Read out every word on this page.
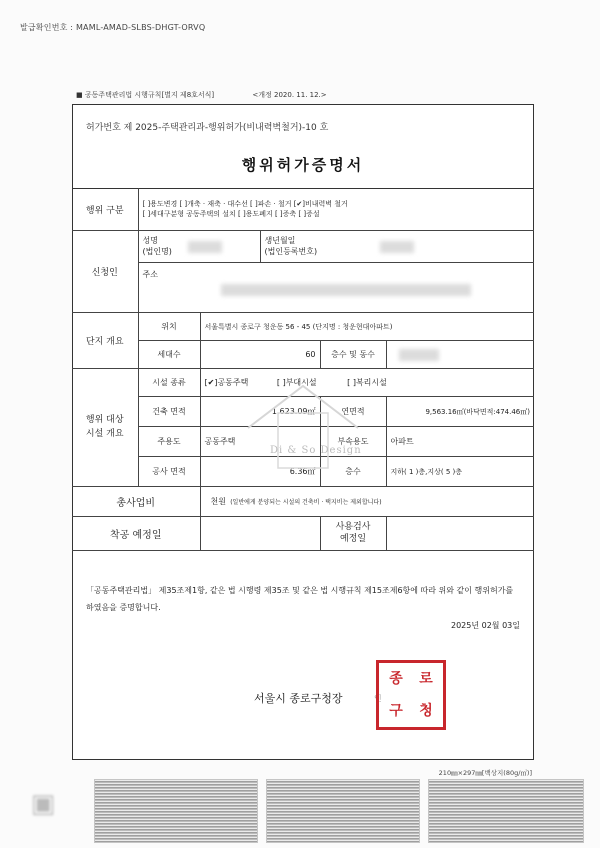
발급확인번호 : MAML-AMAD-SLBS-DHGT-ORVQ
■ 공동주택관리법 시행규칙[별지 제8호서식]	<개정 2020. 11. 12.>
허가번호 제 2025-주택관리과-행위허가(비내력벽철거)-10 호
행위허가증명서
행위 구분	[ ]용도변경 [ ]개축 · 재축 · 대수선 [ ]파손 · 철거 [✔]비내력벽 철거
[ ]세대구분형 공동주택의 설치 [ ]용도폐지 [ ]증축 [ ]증설				

신청인	성명
(법인명)		생년월일
(법인등록번호)		

	주소				

단지 개요	위치	서울특별시 종로구 청운동 56 - 45 (단지명 : 청운현대아파트)			
	세대수	60		층수 및 동수	
행위 대상
시설 개요	시설 종류	[✔]공동주택 [ ]부대시설 [ ]복리시설			
	건축 면적	1,623.09㎡		연면적	9,563.16㎡(바닥면적:474.46㎡)
	주용도	공동주택		부속용도	아파트
	공사 면적	6.36㎡		층수	지하( 1 )층,지상( 5 )층
총사업비		천원 (일반에게 분양되는 시설의 건축비 · 택지비는 제외합니다)			
착공 예정일				사용검사
예정일	
「공동주택관리법」 제35조제1항, 같은 법 시행령 제35조 및 같은 법 시행규칙 제15조제6항에 따라 위와 같이 행위허가를 하였음을 증명합니다.
2025년 02월 03일
서울시 종로구청장	인
종	로
구	청
Di & So Design
210㎜×297㎜[백상지(80g/㎡)]
▣
